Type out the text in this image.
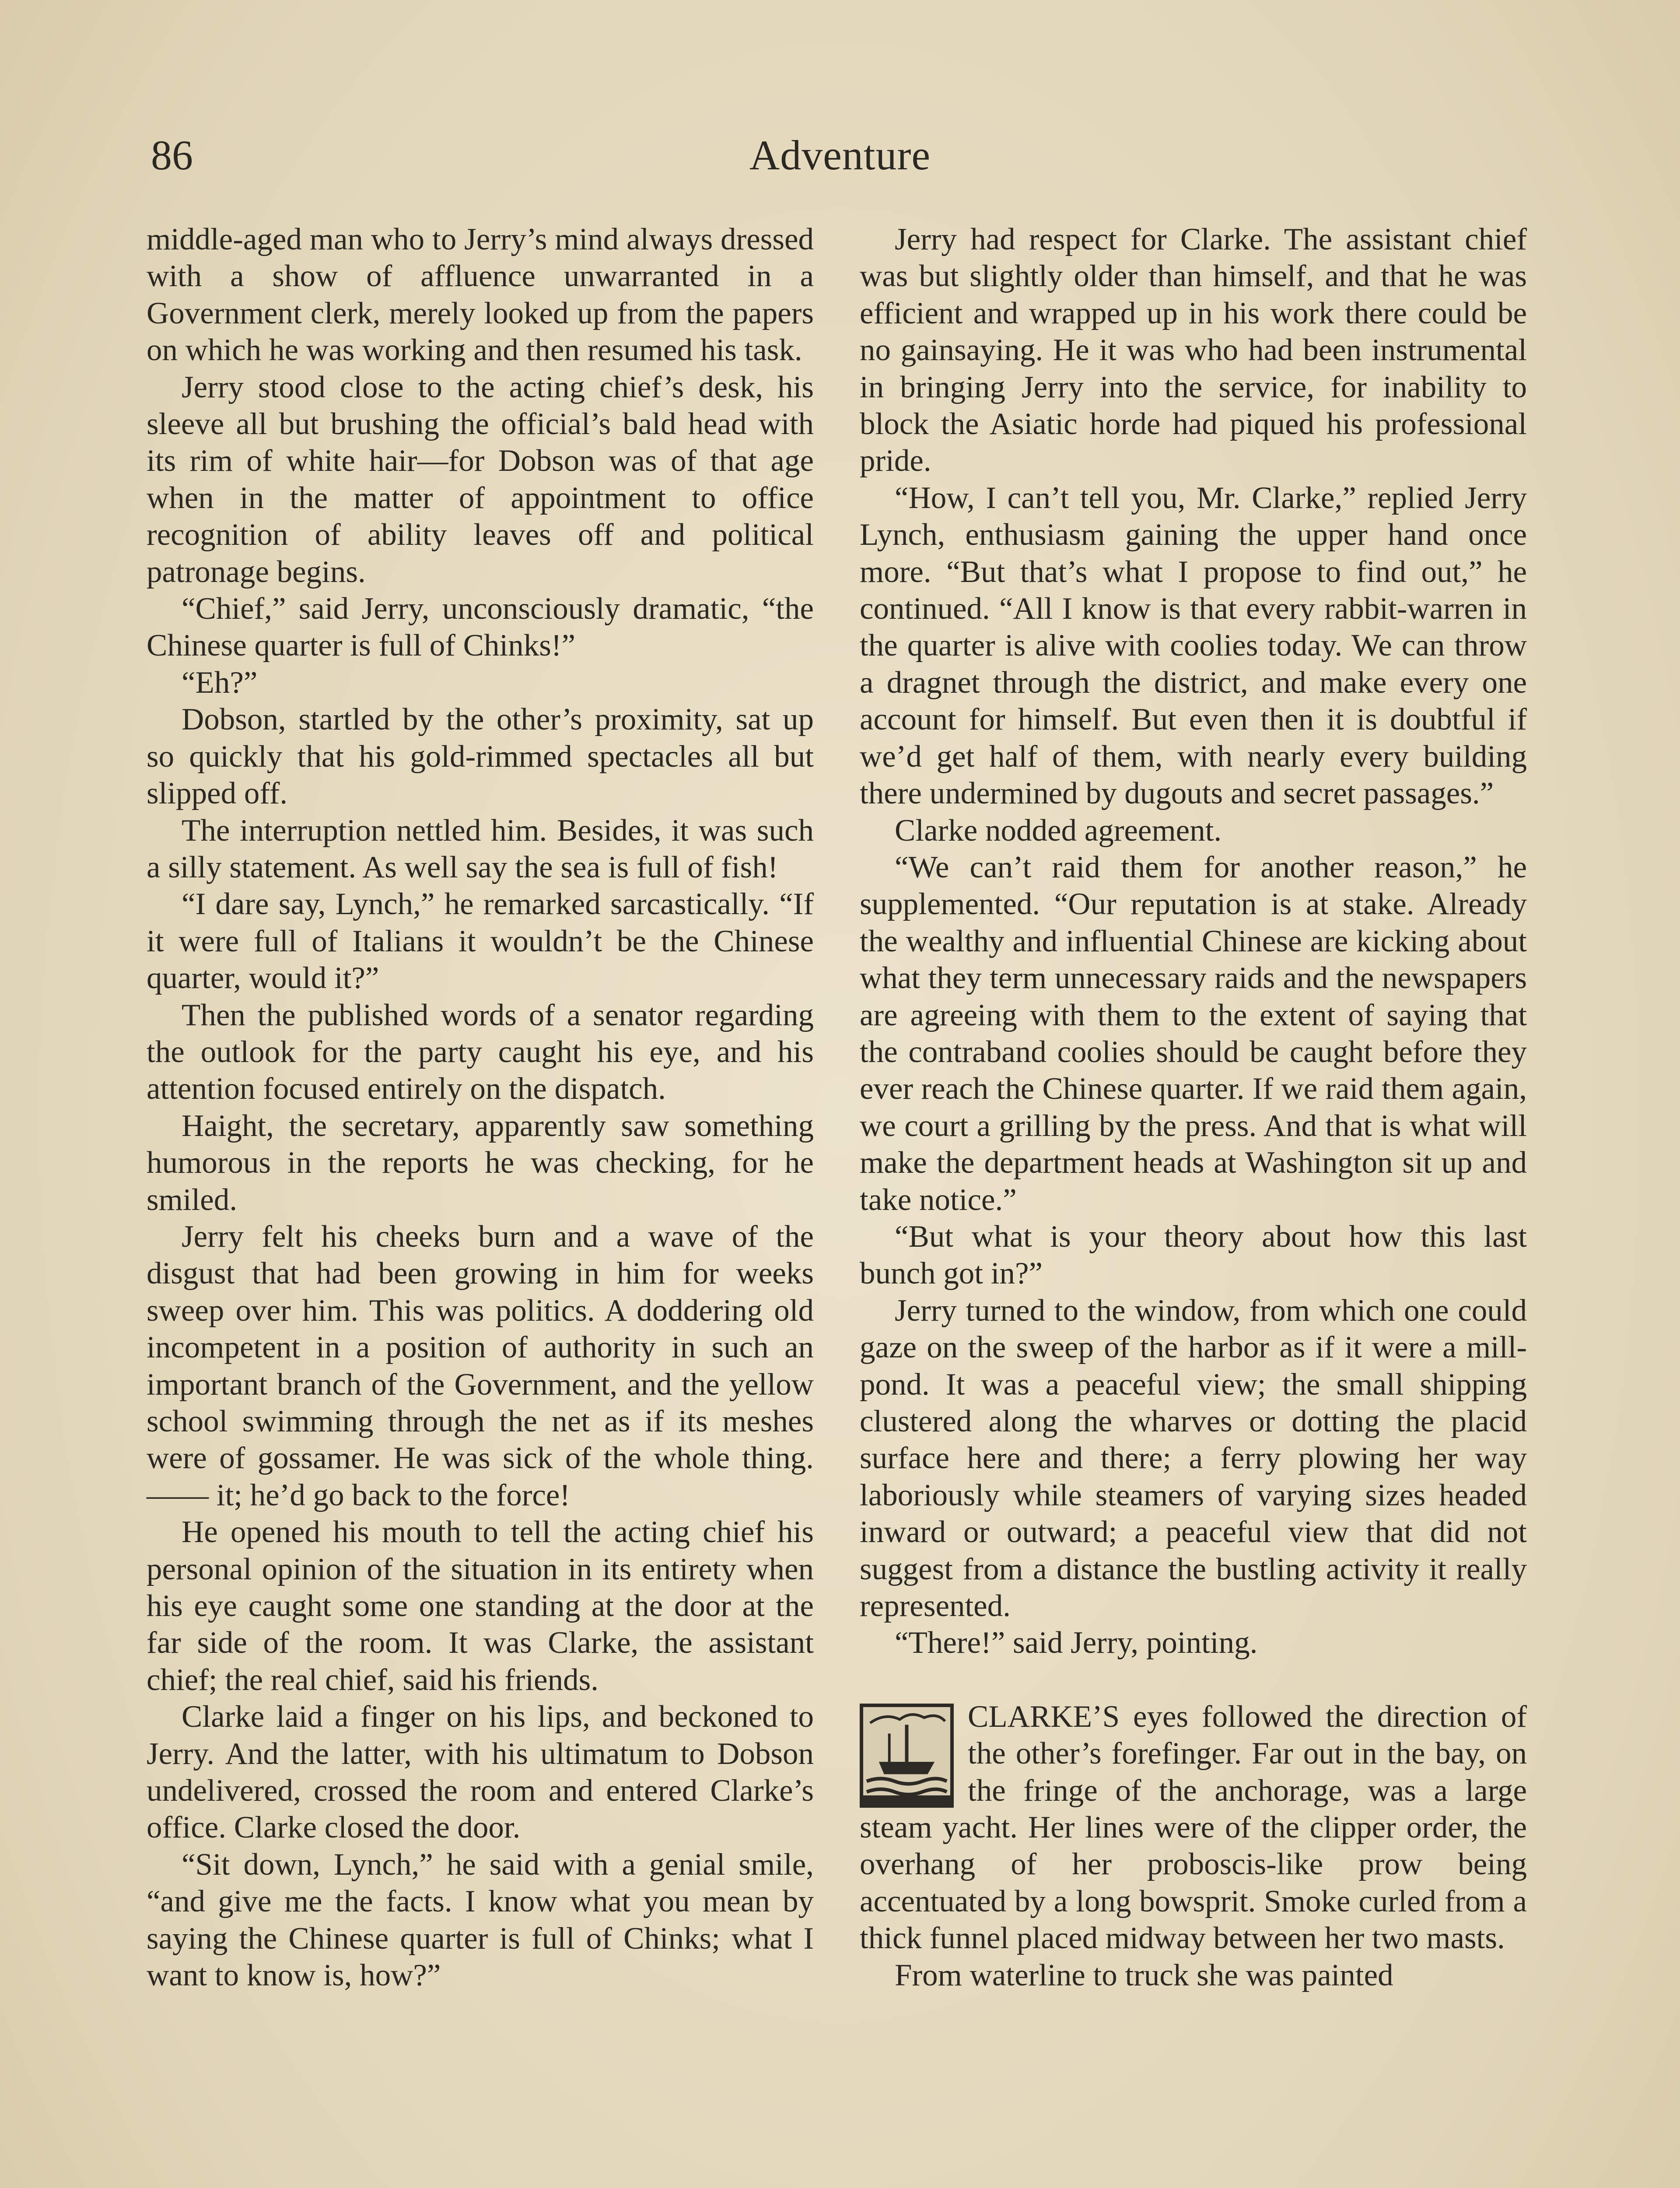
86	Adventure

middle-aged man who to Jerry’s mind always dressed with a show of affluence unwarranted in a Government clerk, merely looked up from the papers on which he was working and then resumed his task.

Jerry stood close to the acting chief’s desk, his sleeve all but brushing the official’s bald head with its rim of white hair—for Dobson was of that age when in the matter of appointment to office recognition of ability leaves off and political patronage begins.

“Chief,” said Jerry, unconsciously dramatic, “the Chinese quarter is full of Chinks!”

“Eh?”

Dobson, startled by the other’s proximity, sat up so quickly that his gold-rimmed spectacles all but slipped off.

The interruption nettled him. Besides, it was such a silly statement. As well say the sea is full of fish!

“I dare say, Lynch,” he remarked sarcastically. “If it were full of Italians it wouldn’t be the Chinese quarter, would it?”

Then the published words of a senator regarding the outlook for the party caught his eye, and his attention focused entirely on the dispatch.

Haight, the secretary, apparently saw something humorous in the reports he was checking, for he smiled.

Jerry felt his cheeks burn and a wave of the disgust that had been growing in him for weeks sweep over him. This was politics. A doddering old incompetent in a position of authority in such an important branch of the Government, and the yellow school swimming through the net as if its meshes were of gossamer. He was sick of the whole thing. —— it; he’d go back to the force!

He opened his mouth to tell the acting chief his personal opinion of the situation in its entirety when his eye caught some one standing at the door at the far side of the room. It was Clarke, the assistant chief; the real chief, said his friends.

Clarke laid a finger on his lips, and beckoned to Jerry. And the latter, with his ultimatum to Dobson undelivered, crossed the room and entered Clarke’s office. Clarke closed the door.

“Sit down, Lynch,” he said with a genial smile, “and give me the facts. I know what you mean by saying the Chinese quarter is full of Chinks; what I want to know is, how?”

Jerry had respect for Clarke. The assistant chief was but slightly older than himself, and that he was efficient and wrapped up in his work there could be no gainsaying. He it was who had been instrumental in bringing Jerry into the service, for inability to block the Asiatic horde had piqued his professional pride.

“How, I can’t tell you, Mr. Clarke,” replied Jerry Lynch, enthusiasm gaining the upper hand once more. “But that’s what I propose to find out,” he continued. “All I know is that every rabbit-warren in the quarter is alive with coolies today. We can throw a dragnet through the district, and make every one account for himself. But even then it is doubtful if we’d get half of them, with nearly every building there undermined by dugouts and secret passages.”

Clarke nodded agreement.

“We can’t raid them for another reason,” he supplemented. “Our reputation is at stake. Already the wealthy and influential Chinese are kicking about what they term unnecessary raids and the newspapers are agreeing with them to the extent of saying that the contraband coolies should be caught before they ever reach the Chinese quarter. If we raid them again, we court a grilling by the press. And that is what will make the department heads at Washington sit up and take notice.”

“But what is your theory about how this last bunch got in?”

Jerry turned to the window, from which one could gaze on the sweep of the harbor as if it were a mill-pond. It was a peaceful view; the small shipping clustered along the wharves or dotting the placid surface here and there; a ferry plowing her way laboriously while steamers of varying sizes headed inward or outward; a peaceful view that did not suggest from a distance the bustling activity it really represented.

“There!” said Jerry, pointing.

CLARKE’S eyes followed the direction of the other’s forefinger. Far out in the bay, on the fringe of the anchorage, was a large steam yacht. Her lines were of the clipper order, the overhang of her proboscis-like prow being accentuated by a long bowsprit. Smoke curled from a thick funnel placed midway between her two masts.

From waterline to truck she was painted
